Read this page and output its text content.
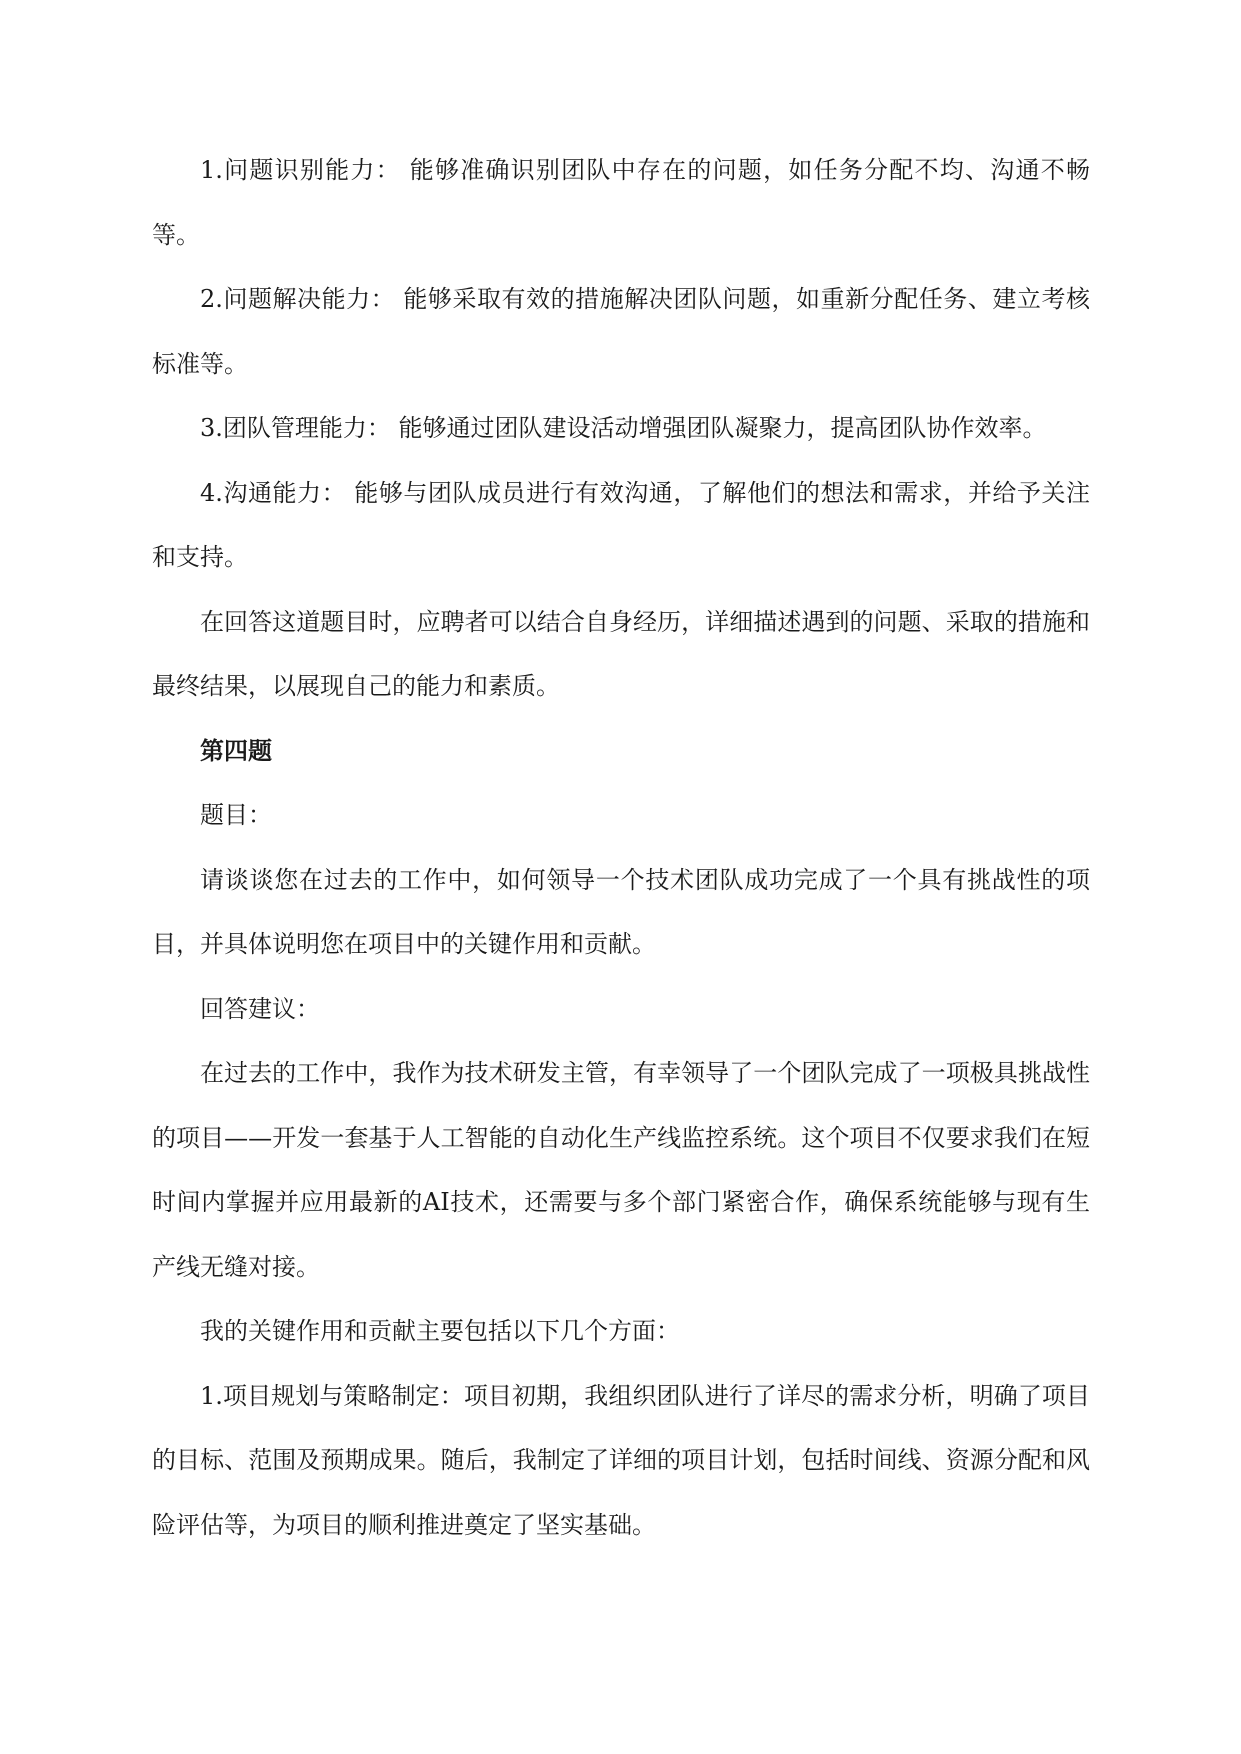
1.问题识别能力： 能够准确识别团队中存在的问题，如任务分配不均、沟通不畅等。

2.问题解决能力： 能够采取有效的措施解决团队问题，如重新分配任务、建立考核标准等。

3.团队管理能力： 能够通过团队建设活动增强团队凝聚力，提高团队协作效率。

4.沟通能力： 能够与团队成员进行有效沟通，了解他们的想法和需求，并给予关注和支持。

在回答这道题目时，应聘者可以结合自身经历，详细描述遇到的问题、采取的措施和最终结果，以展现自己的能力和素质。

第四题

题目：

请谈谈您在过去的工作中，如何领导一个技术团队成功完成了一个具有挑战性的项目，并具体说明您在项目中的关键作用和贡献。

回答建议：

在过去的工作中，我作为技术研发主管，有幸领导了一个团队完成了一项极具挑战性的项目——开发一套基于人工智能的自动化生产线监控系统。这个项目不仅要求我们在短时间内掌握并应用最新的AI技术，还需要与多个部门紧密合作，确保系统能够与现有生产线无缝对接。

我的关键作用和贡献主要包括以下几个方面：

1.项目规划与策略制定：项目初期，我组织团队进行了详尽的需求分析，明确了项目的目标、范围及预期成果。随后，我制定了详细的项目计划，包括时间线、资源分配和风险评估等，为项目的顺利推进奠定了坚实基础。
